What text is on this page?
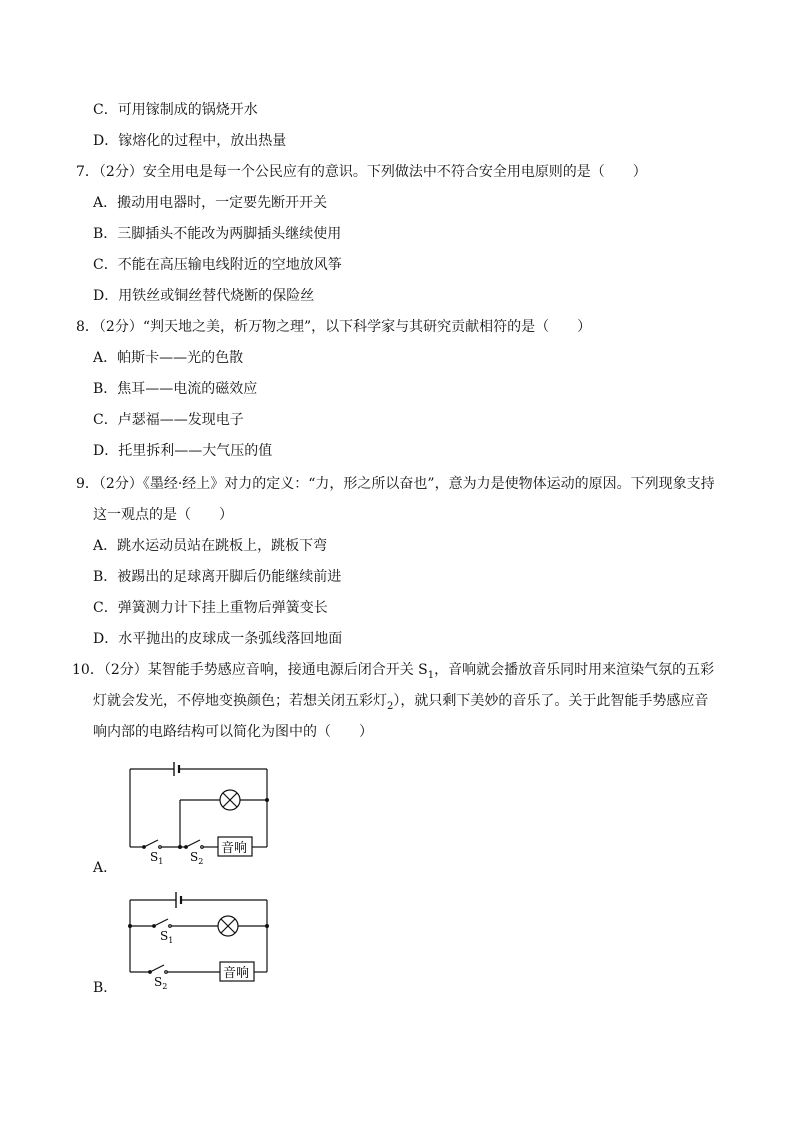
C．可用镓制成的锅烧开水
D．镓熔化的过程中，放出热量
7．（2分）安全用电是每一个公民应有的意识。下列做法中不符合安全用电原则的是（　　）
A．搬动用电器时，一定要先断开开关
B．三脚插头不能改为两脚插头继续使用
C．不能在高压输电线附近的空地放风筝
D．用铁丝或铜丝替代烧断的保险丝
8．（2分）“判天地之美，析万物之理”，以下科学家与其研究贡献相符的是（　　）
A．帕斯卡——光的色散
B．焦耳——电流的磁效应
C．卢瑟福——发现电子
D．托里拆利——大气压的值
9．（2分）《墨经·经上》对力的定义：“力，形之所以奋也”，意为力是使物体运动的原因。下列现象支持
这一观点的是（　　）
A．跳水运动员站在跳板上，跳板下弯
B．被踢出的足球离开脚后仍能继续前进
C．弹簧测力计下挂上重物后弹簧变长
D．水平抛出的皮球成一条弧线落回地面
10．（2分）某智能手势感应音响，接通电源后闭合开关 $S_1$，音响就会播放音乐同时用来渲染气氛的五彩
灯就会发光，不停地变换颜色；若想关闭五彩灯$_2$），就只剩下美妙的音乐了。关于此智能手势感应音
响内部的电路结构可以简化为图中的（　　）
A．
音响
$S_1$ $S_2$
B．
音响
$S_1$
$S_2$
